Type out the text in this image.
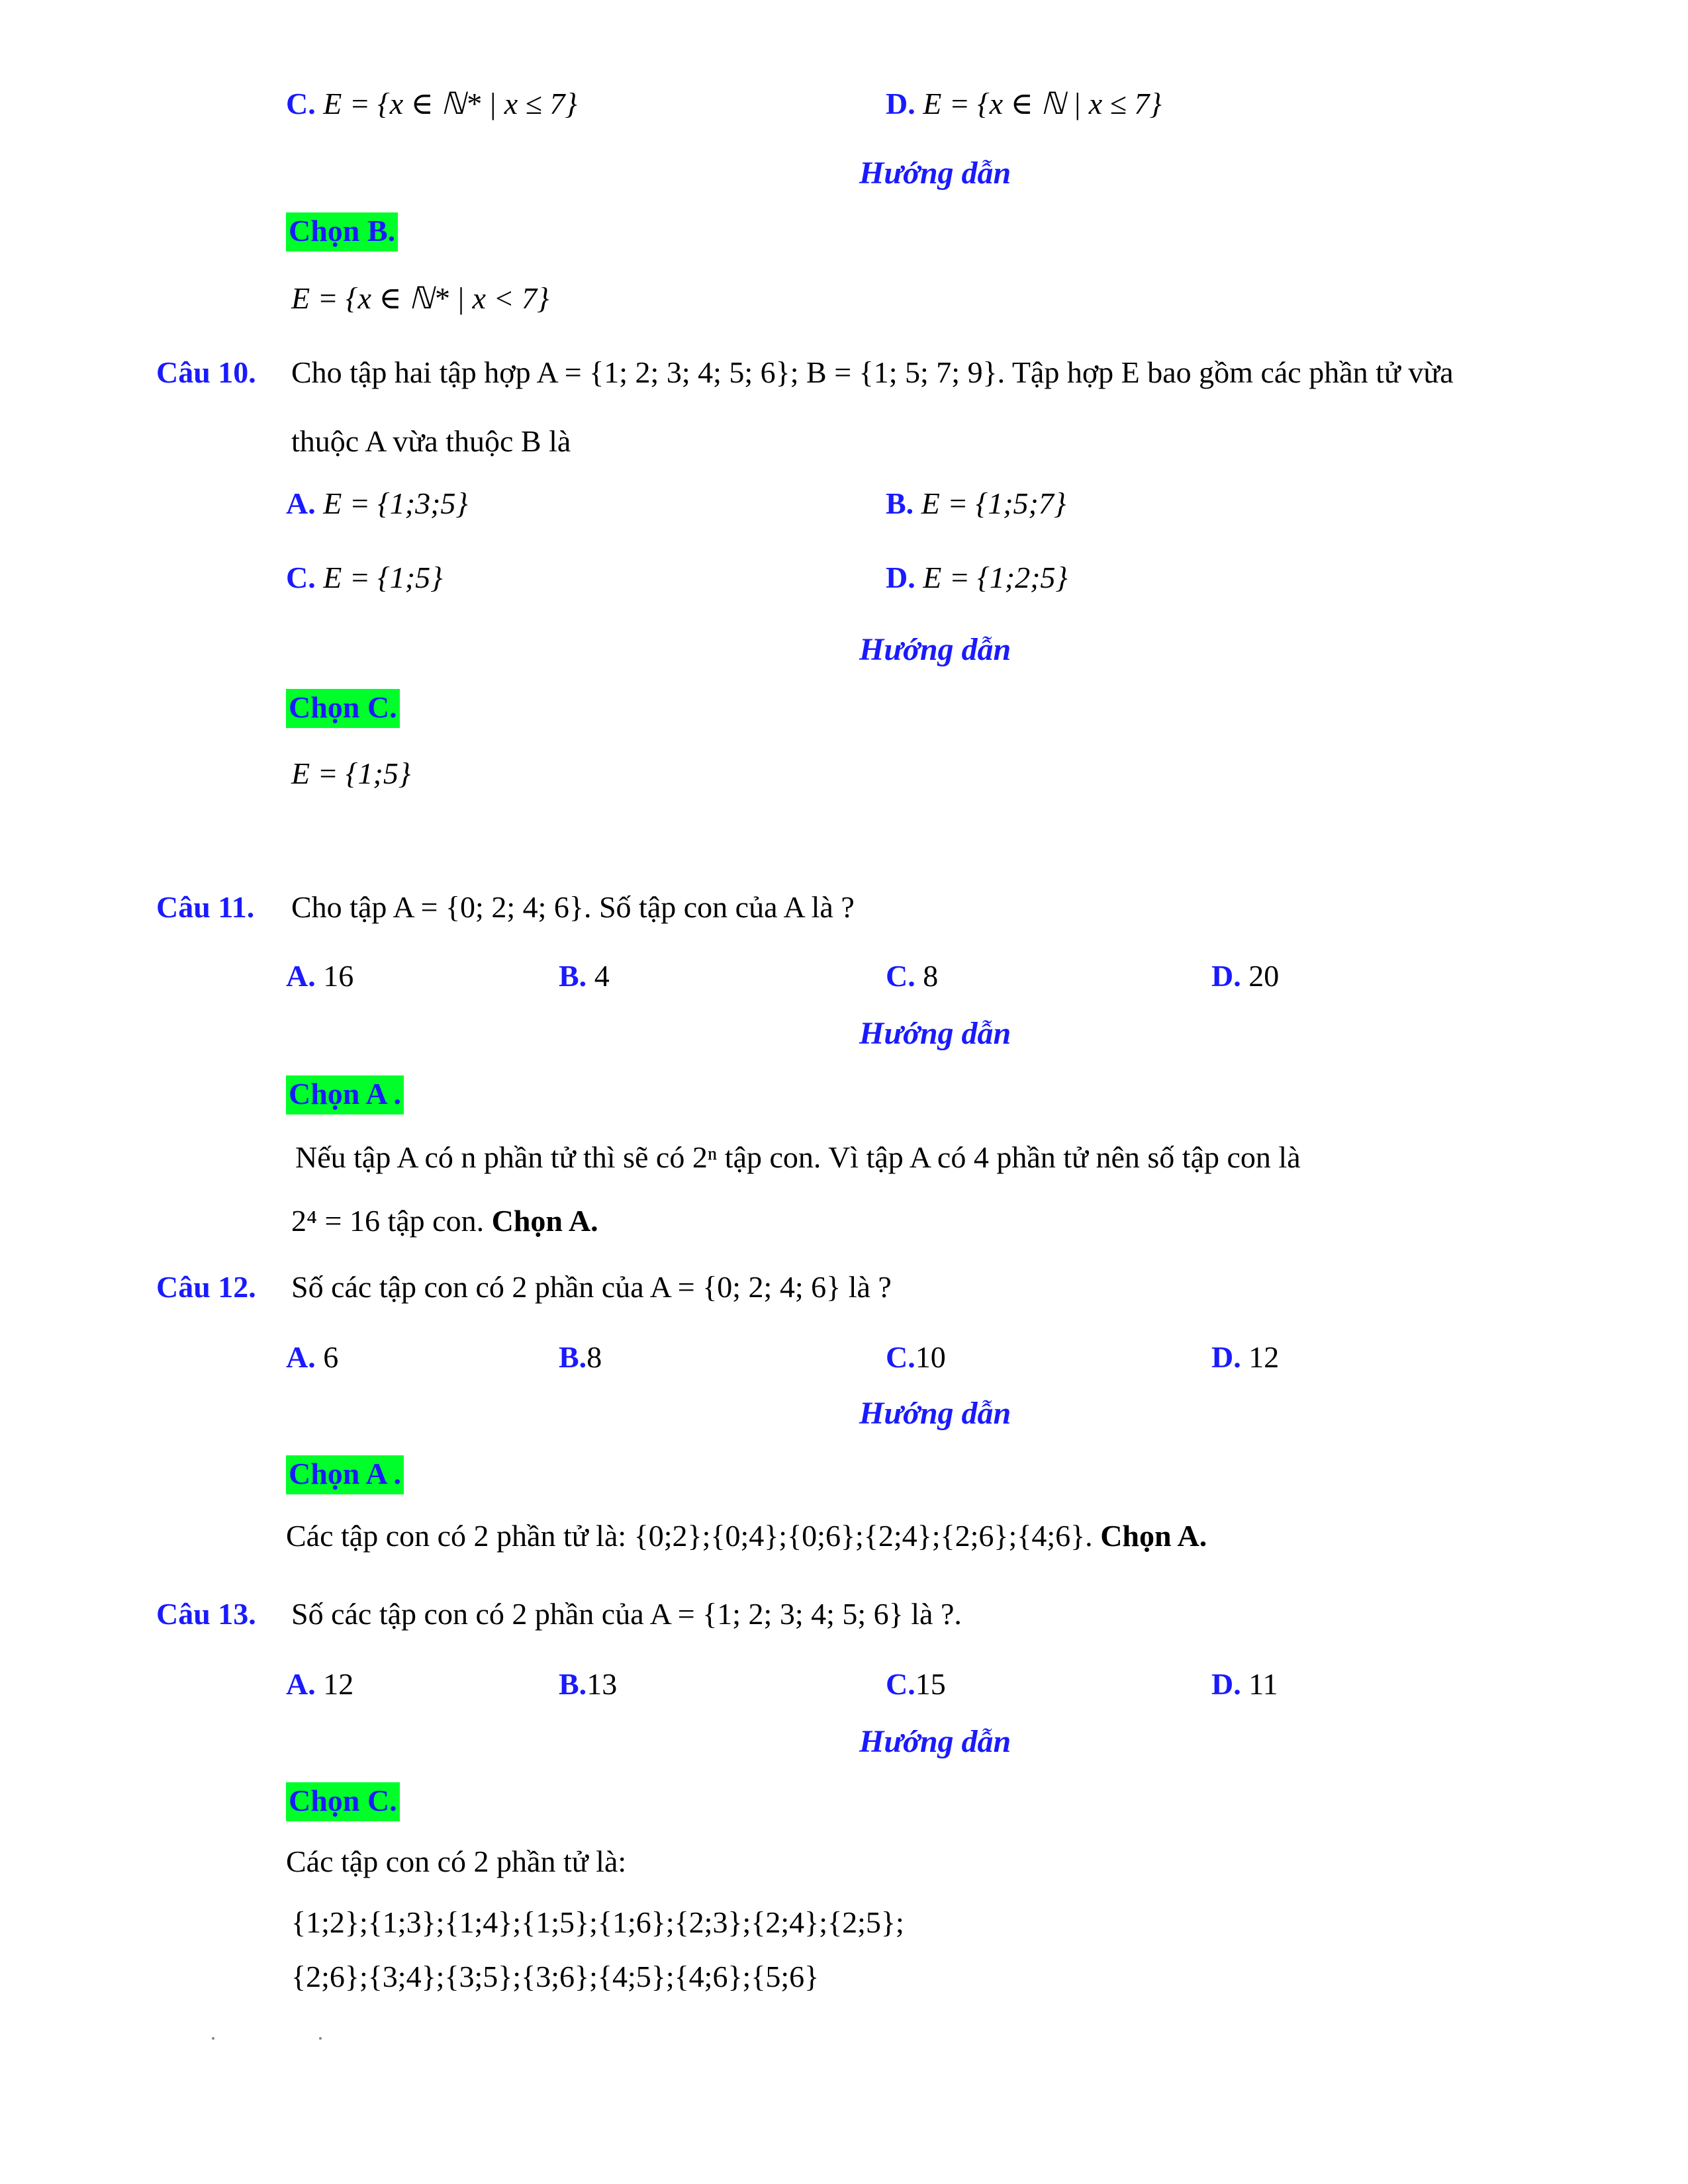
C. E = {x ∈ ℕ* | x ≤ 7}	D. E = {x ∈ ℕ | x ≤ 7}
Hướng dẫn
Chọn B.
E = {x ∈ ℕ* | x < 7}
Câu 10. Cho tập hai tập hợp A = {1; 2; 3; 4; 5; 6}; B = {1; 5; 7; 9}. Tập hợp E bao gồm các phần tử vừa
thuộc A vừa thuộc B là
A. E = {1;3;5}	B. E = {1;5;7}
C. E = {1;5}	D. E = {1;2;5}
Hướng dẫn
Chọn C.
E = {1;5}
Câu 11. Cho tập A = {0; 2; 4; 6}. Số tập con của A là ?
A. 16	B. 4	C. 8	D. 20
Hướng dẫn
Chọn A .
Nếu tập A có n phần tử thì sẽ có 2ⁿ tập con. Vì tập A có 4 phần tử nên số tập con là
2⁴ = 16 tập con. Chọn A.
Câu 12. Số các tập con có 2 phần của A = {0; 2; 4; 6} là ?
A. 6	B.8	C.10	D. 12
Hướng dẫn
Chọn A .
Các tập con có 2 phần tử là: {0;2};{0;4};{0;6};{2;4};{2;6};{4;6}. Chọn A.
Câu 13. Số các tập con có 2 phần của A = {1; 2; 3; 4; 5; 6} là ?.
A. 12	B.13	C.15	D. 11
Hướng dẫn
Chọn C.
Các tập con có 2 phần tử là:
{1;2};{1;3};{1;4};{1;5};{1;6};{2;3};{2;4};{2;5};
{2;6};{3;4};{3;5};{3;6};{4;5};{4;6};{5;6}
